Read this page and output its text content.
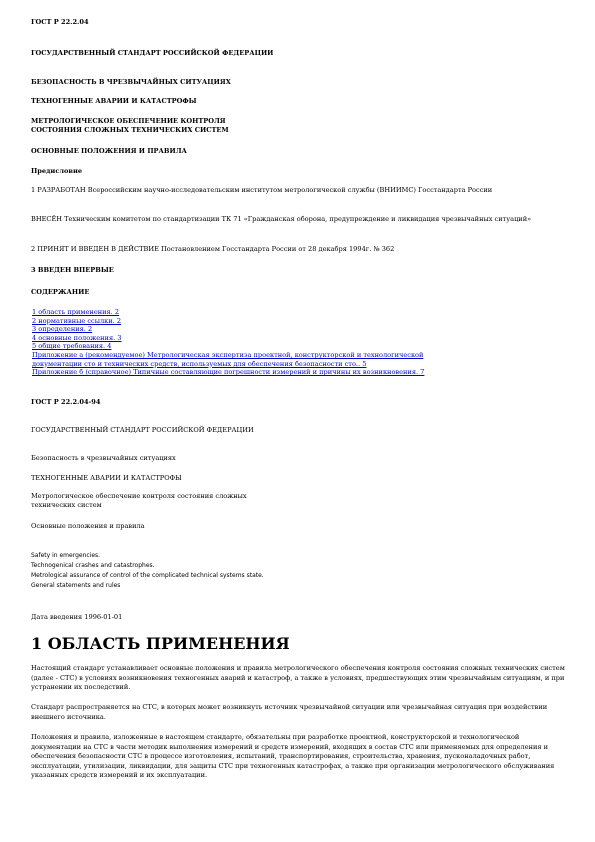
ГОСТ Р 22.2.04
ГОСУДАРСТВЕННЫЙ СТАНДАРТ РОССИЙСКОЙ ФЕДЕРАЦИИ
БЕЗОПАСНОСТЬ В ЧРЕЗВЫЧАЙНЫХ СИТУАЦИЯХ
ТЕХНОГЕННЫЕ АВАРИИ И КАТАСТРОФЫ
МЕТРОЛОГИЧЕСКОЕ ОБЕСПЕЧЕНИЕ КОНТРОЛЯ
СОСТОЯНИЯ СЛОЖНЫХ ТЕХНИЧЕСКИХ СИСТЕМ
ОСНОВНЫЕ ПОЛОЖЕНИЯ И ПРАВИЛА
Предисловие
1 РАЗРАБОТАН Всероссийским научно-исследовательским институтом метрологической службы (ВНИИМС) Госстандарта России
ВНЕСЁН Техническим комитетом по стандартизации ТК 71 «Гражданская оборона, предупреждение и ликвидация чрезвычайных ситуаций»
2 ПРИНЯТ И ВВЕДЕН В ДЕЙСТВИЕ Постановлением Госстандарта России от 28 декабря 1994г. № 362
3 ВВЕДЕН ВПЕРВЫЕ
СОДЕРЖАНИЕ
1 область применения. 2
2 нормативные ссылки. 2
3 определения. 2
4 основные положения. 3
5 общие требования. 4
Приложение а (рекомендуемое) Метрологическая экспертиза проектной, конструкторской и технологической
документации сто и технических средств, используемых для обеспечения безопасности сто.. 5
Приложение б (справочное) Типичные составляющие погрешности измерений и причины их возникновения. 7
ГОСТ Р 22.2.04-94
ГОСУДАРСТВЕННЫЙ СТАНДАРТ РОССИЙСКОЙ ФЕДЕРАЦИИ
Безопасность в чрезвычайных ситуациях
ТЕХНОГЕННЫЕ АВАРИИ И КАТАСТРОФЫ
Метрологическое обеспечение контроля состояния сложных
технических систем
Основные положения и правила
Safety in emergencies.
Technogenical crashes and catastrophes.
Metrological assurance of control of the complicated technical systems state.
General statements and rules
Дата введения 1996-01-01
1 ОБЛАСТЬ ПРИМЕНЕНИЯ

Настоящий стандарт устанавливает основные положения и правила метрологического обеспечения контроля состояния сложных технических систем (далее - СТС) в условиях возникновения техногенных аварий и катастроф, а также в условиях, предшествующих этим чрезвычайным ситуациям, и при устранении их последствий.

Стандарт распространяется на СТС, в которых может возникнуть источник чрезвычайной ситуации или чрезвычайная ситуация при воздействии внешнего источника.

Положения и правила, изложенные в настоящем стандарте, обязательны при разработке проектной, конструкторской и технологической документации на СТС в части методик выполнения измерений и средств измерений, входящих в состав СТС или применяемых для определения и обеспечения безопасности СТС в процессе изготовления, испытаний, транспортирования, строительства, хранения, пусконаладочных работ, эксплуатации, утилизации, ликвидации, для защиты СТС при техногенных катастрофах, а также при организации метрологического обслуживания указанных средств измерений и их эксплуатации.
